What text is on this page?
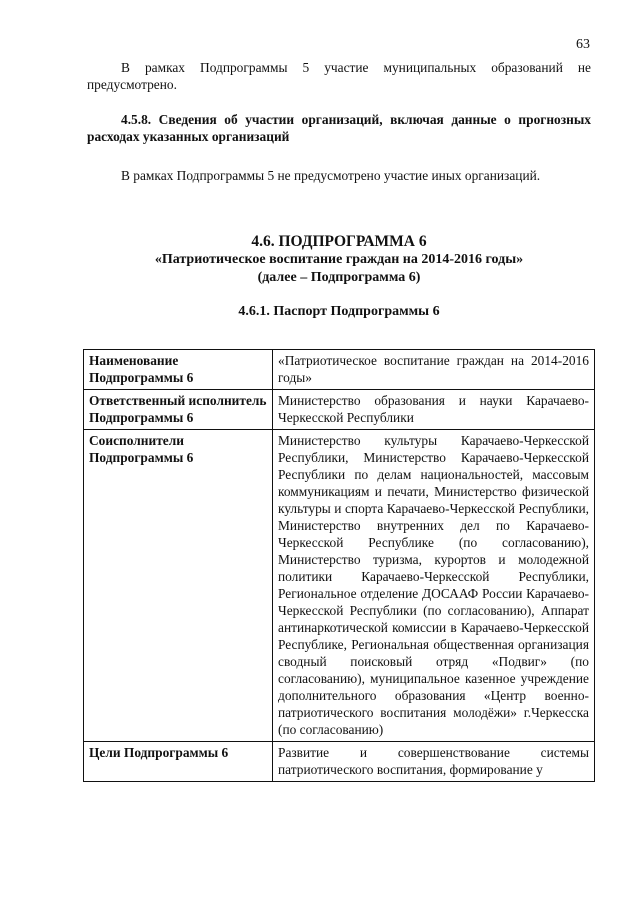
63

В рамках Подпрограммы 5 участие муниципальных образований не предусмотрено.

4.5.8. Сведения об участии организаций, включая данные о прогнозных расходах указанных организаций

В рамках Подпрограммы 5 не предусмотрено участие иных организаций.

4.6. ПОДПРОГРАММА 6
«Патриотическое воспитание граждан на 2014-2016 годы»
(далее – Подпрограмма 6)
4.6.1. Паспорт Подпрограммы 6
Наименование Подпрограммы 6	«Патриотическое воспитание граждан на 2014-2016 годы»
Ответственный исполнитель Подпрограммы 6	Министерство образования и науки Карачаево-Черкесской Республики
Соисполнители Подпрограммы 6	Министерство культуры Карачаево-Черкесской Республики, Министерство Карачаево-Черкесской Республики по делам национальностей, массовым коммуникациям и печати, Министерство физической культуры и спорта Карачаево-Черкесской Республики, Министерство внутренних дел по Карачаево-Черкесской Республике (по согласованию), Министерство туризма, курортов и молодежной политики Карачаево-Черкесской Республики, Региональное отделение ДОСААФ России Карачаево-Черкесской Республики (по согласованию), Аппарат антинаркотической комиссии в Карачаево-Черкесской Республике, Региональная общественная организация сводный поисковый отряд «Подвиг» (по согласованию), муниципальное казенное учреждение дополнительного образования «Центр военно-патриотического воспитания молодёжи» г.Черкесска (по согласованию)
Цели Подпрограммы 6	Развитие и совершенствование системы патриотического воспитания, формирование у
